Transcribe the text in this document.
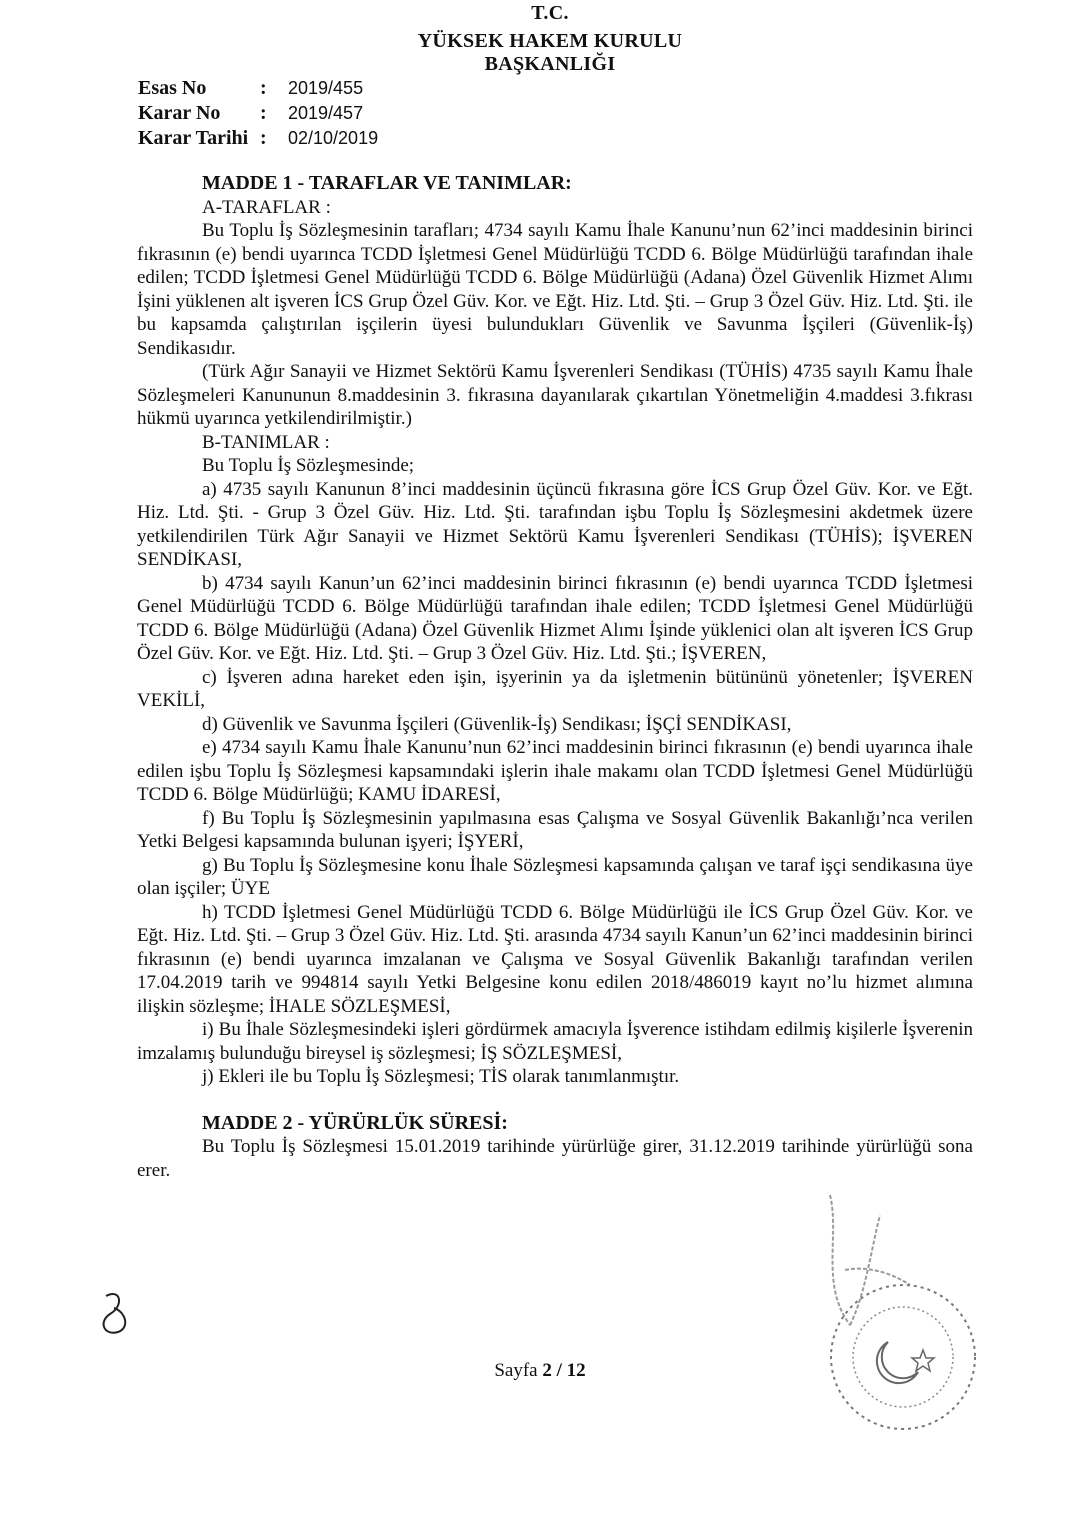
T.C.
YÜKSEK HAKEM KURULU
BAŞKANLIĞI
Esas No	:	2019/455
Karar No	:	2019/457
Karar Tarihi :	02/10/2019
MADDE 1 - TARAFLAR VE TANIMLAR:
A-TARAFLAR :

Bu Toplu İş Sözleşmesinin tarafları; 4734 sayılı Kamu İhale Kanunu’nun 62’inci maddesinin birinci fıkrasının (e) bendi uyarınca TCDD İşletmesi Genel Müdürlüğü TCDD 6. Bölge Müdürlüğü tarafından ihale edilen; TCDD İşletmesi Genel Müdürlüğü TCDD 6. Bölge Müdürlüğü (Adana) Özel Güvenlik Hizmet Alımı İşini yüklenen alt işveren İCS Grup Özel Güv. Kor. ve Eğt. Hiz. Ltd. Şti. – Grup 3 Özel Güv. Hiz. Ltd. Şti. ile bu kapsamda çalıştırılan işçilerin üyesi bulundukları Güvenlik ve Savunma İşçileri (Güvenlik-İş) Sendikasıdır.

(Türk Ağır Sanayii ve Hizmet Sektörü Kamu İşverenleri Sendikası (TÜHİS) 4735 sayılı Kamu İhale Sözleşmeleri Kanununun 8.maddesinin 3. fıkrasına dayanılarak çıkartılan Yönetmeliğin 4.maddesi 3.fıkrası hükmü uyarınca yetkilendirilmiştir.)

B-TANIMLAR :
Bu Toplu İş Sözleşmesinde;

a) 4735 sayılı Kanunun 8’inci maddesinin üçüncü fıkrasına göre İCS Grup Özel Güv. Kor. ve Eğt. Hiz. Ltd. Şti. - Grup 3 Özel Güv. Hiz. Ltd. Şti. tarafından işbu Toplu İş Sözleşmesini akdetmek üzere yetkilendirilen Türk Ağır Sanayii ve Hizmet Sektörü Kamu İşverenleri Sendikası (TÜHİS); İŞVEREN SENDİKASI,

b) 4734 sayılı Kanun’un 62’inci maddesinin birinci fıkrasının (e) bendi uyarınca TCDD İşletmesi Genel Müdürlüğü TCDD 6. Bölge Müdürlüğü tarafından ihale edilen; TCDD İşletmesi Genel Müdürlüğü TCDD 6. Bölge Müdürlüğü (Adana) Özel Güvenlik Hizmet Alımı İşinde yüklenici olan alt işveren İCS Grup Özel Güv. Kor. ve Eğt. Hiz. Ltd. Şti. – Grup 3 Özel Güv. Hiz. Ltd. Şti.; İŞVEREN,

c) İşveren adına hareket eden işin, işyerinin ya da işletmenin bütününü yönetenler; İŞVEREN VEKİLİ,

d) Güvenlik ve Savunma İşçileri (Güvenlik-İş) Sendikası; İŞÇİ SENDİKASI,

e) 4734 sayılı Kamu İhale Kanunu’nun 62’inci maddesinin birinci fıkrasının (e) bendi uyarınca ihale edilen işbu Toplu İş Sözleşmesi kapsamındaki işlerin ihale makamı olan TCDD İşletmesi Genel Müdürlüğü TCDD 6. Bölge Müdürlüğü; KAMU İDARESİ,

f) Bu Toplu İş Sözleşmesinin yapılmasına esas Çalışma ve Sosyal Güvenlik Bakanlığı’nca verilen Yetki Belgesi kapsamında bulunan işyeri; İŞYERİ,

g) Bu Toplu İş Sözleşmesine konu İhale Sözleşmesi kapsamında çalışan ve taraf işçi sendikasına üye olan işçiler; ÜYE

h) TCDD İşletmesi Genel Müdürlüğü TCDD 6. Bölge Müdürlüğü ile İCS Grup Özel Güv. Kor. ve Eğt. Hiz. Ltd. Şti. – Grup 3 Özel Güv. Hiz. Ltd. Şti. arasında 4734 sayılı Kanun’un 62’inci maddesinin birinci fıkrasının (e) bendi uyarınca imzalanan ve Çalışma ve Sosyal Güvenlik Bakanlığı tarafından verilen 17.04.2019 tarih ve 994814 sayılı Yetki Belgesine konu edilen 2018/486019 kayıt no’lu hizmet alımına ilişkin sözleşme; İHALE SÖZLEŞMESİ,

i) Bu İhale Sözleşmesindeki işleri gördürmek amacıyla İşverence istihdam edilmiş kişilerle İşverenin imzalamış bulunduğu bireysel iş sözleşmesi; İŞ SÖZLEŞMESİ,

j) Ekleri ile bu Toplu İş Sözleşmesi; TİS olarak tanımlanmıştır.

MADDE 2 - YÜRÜRLÜK SÜRESİ:

Bu Toplu İş Sözleşmesi 15.01.2019 tarihinde yürürlüğe girer, 31.12.2019 tarihinde yürürlüğü sona erer.

Sayfa 2 / 12
